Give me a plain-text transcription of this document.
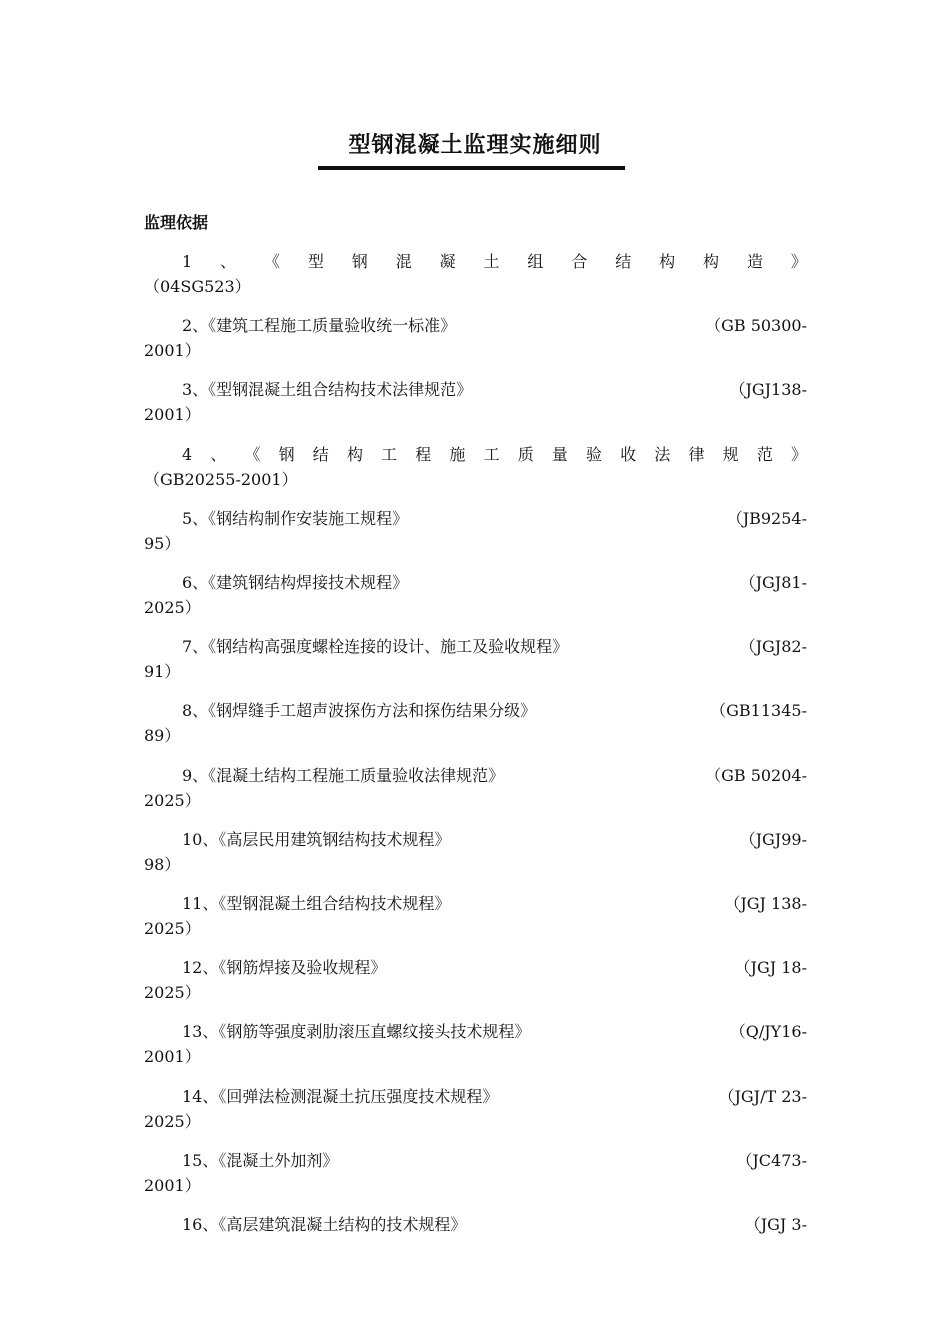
型钢混凝土监理实施细则
监理依据
1 、 《 型 钢 混 凝 土 组 合 结 构 构 造 》
（04SG523）
2、《建筑工程施工质量验收统一标准》	（GB 50300-
2001）
3、《型钢混凝土组合结构技术法律规范》	（JGJ138-
2001）
4 、 《 钢 结 构 工 程 施 工 质 量 验 收 法 律 规 范 》
（GB20255-2001）
5、《钢结构制作安装施工规程》	（JB9254-
95）
6、《建筑钢结构焊接技术规程》	（JGJ81-
2025）
7、《钢结构高强度螺栓连接的设计、施工及验收规程》	（JGJ82-
91）
8、《钢焊缝手工超声波探伤方法和探伤结果分级》	（GB11345-
89）
9、《混凝土结构工程施工质量验收法律规范》	（GB 50204-
2025）
10、《高层民用建筑钢结构技术规程》	（JGJ99-
98）
11、《型钢混凝土组合结构技术规程》	（JGJ 138-
2025）
12、《钢筋焊接及验收规程》	（JGJ 18-
2025）
13、《钢筋等强度剥肋滚压直螺纹接头技术规程》	（Q/JY16-
2001）
14、《回弹法检测混凝土抗压强度技术规程》	（JGJ/T 23-
2025）
15、《混凝土外加剂》	（JC473-
2001）
16、《高层建筑混凝土结构的技术规程》	（JGJ 3-
